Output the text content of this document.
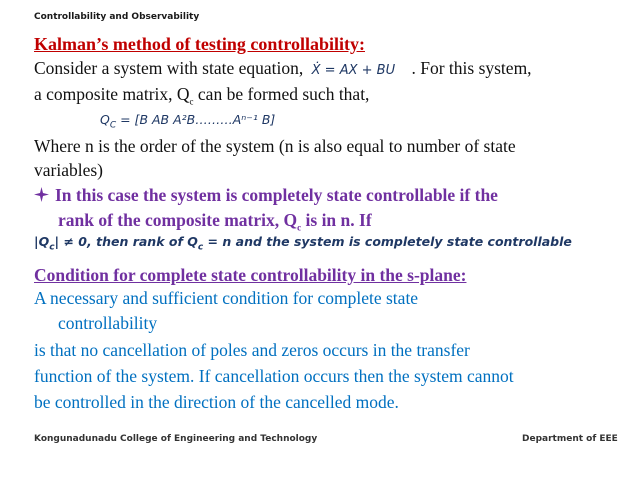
Controllability and Observability
Kalman’s method of testing controllability:
Consider a system with state equation, Ẋ = AX + BU . For this system,
a composite matrix, $Q_c$ can be formed such that,
$Q_C = [B$ AB A²B………Aⁿ⁻¹ B]
Where n is the order of the system (n is also equal to number of state
variables)
In this case the system is completely state controllable if the
rank of the composite matrix, $Q_c$ is in n. If
$|Q_c| \ne 0$, then rank of $Q_c = n$ and the system is completely state controllable
Condition for complete state controllability in the s-plane:
A necessary and sufficient condition for complete state
controllability
is that no cancellation of poles and zeros occurs in the transfer
function of the system. If cancellation occurs then the system cannot
be controlled in the direction of the cancelled mode.
Kongunadunadu College of Engineering and Technology	Department of EEE
